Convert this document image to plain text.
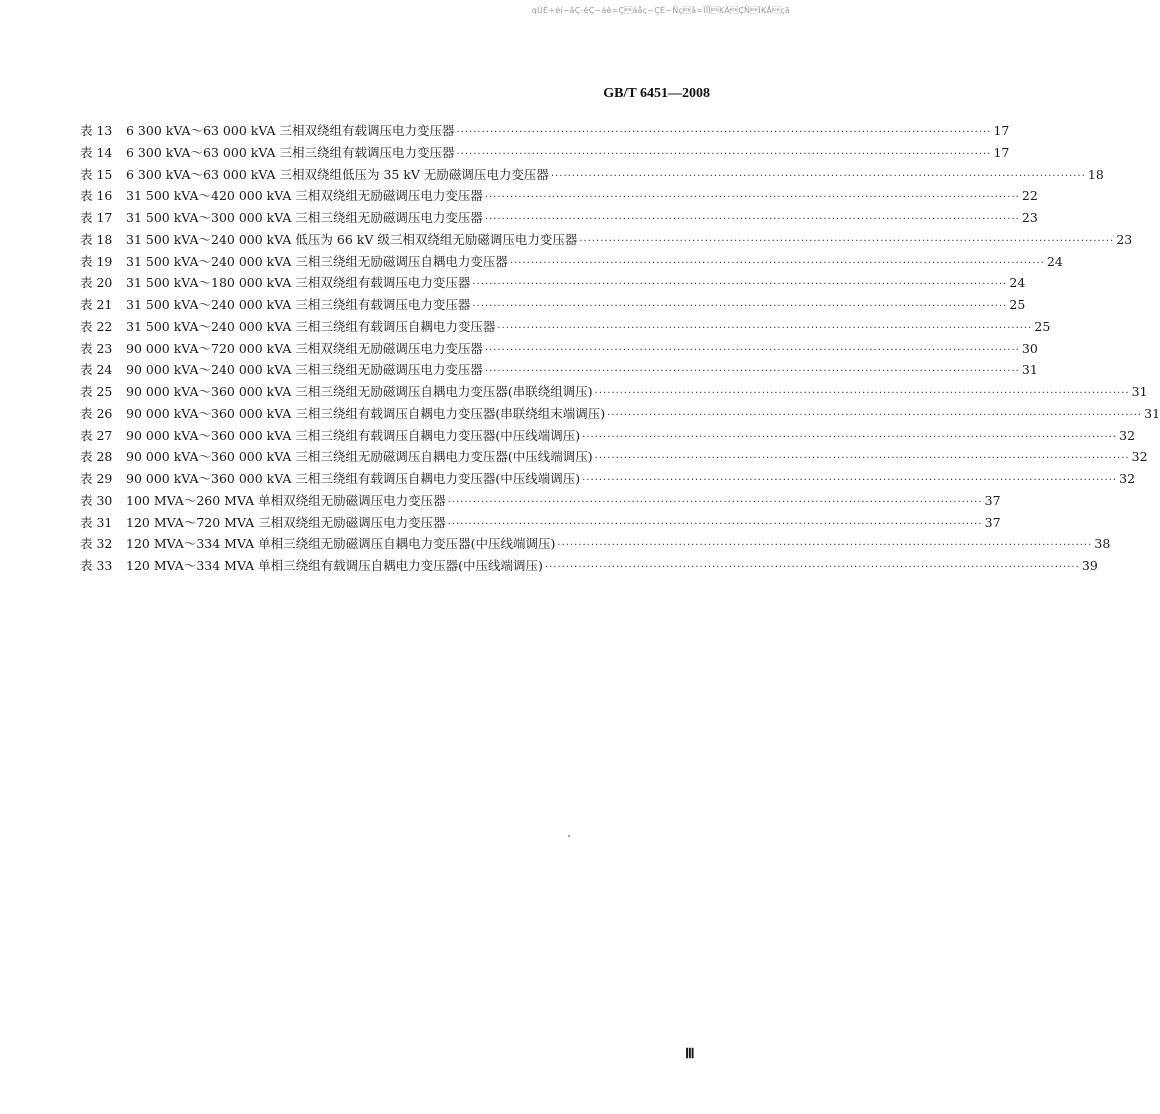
qÛÊ÷éí~âÇ-êÇ~áè=Çáåç~ÇÉ~Ñçâ=ÏÏÏKÄÇÑÏKÅçã
GB/T 6451—2008
表 13	6 300 kVA～63 000 kVA 三相双绕组有载调压电力变压器 ·····	17
表 14	6 300 kVA～63 000 kVA 三相三绕组有载调压电力变压器 ·····	17
表 15	6 300 kVA～63 000 kVA 三相双绕组低压为 35 kV 无励磁调压电力变压器 ·····	18
表 16	31 500 kVA～420 000 kVA 三相双绕组无励磁调压电力变压器 ·····	22
表 17	31 500 kVA～300 000 kVA 三相三绕组无励磁调压电力变压器 ·····	23
表 18	31 500 kVA～240 000 kVA 低压为 66 kV 级三相双绕组无励磁调压电力变压器 ·····	23
表 19	31 500 kVA～240 000 kVA 三相三绕组无励磁调压自耦电力变压器 ·····	24
表 20	31 500 kVA～180 000 kVA 三相双绕组有载调压电力变压器 ·····	24
表 21	31 500 kVA～240 000 kVA 三相三绕组有载调压电力变压器 ·····	25
表 22	31 500 kVA～240 000 kVA 三相三绕组有载调压自耦电力变压器 ·····	25
表 23	90 000 kVA～720 000 kVA 三相双绕组无励磁调压电力变压器 ·····	30
表 24	90 000 kVA～240 000 kVA 三相三绕组无励磁调压电力变压器 ·····	31
表 25	90 000 kVA～360 000 kVA 三相三绕组无励磁调压自耦电力变压器(串联绕组调压) ·····	31
表 26	90 000 kVA～360 000 kVA 三相三绕组有载调压自耦电力变压器(串联绕组末端调压) ·····	31
表 27	90 000 kVA～360 000 kVA 三相三绕组有载调压自耦电力变压器(中压线端调压) ·····	32
表 28	90 000 kVA～360 000 kVA 三相三绕组无励磁调压自耦电力变压器(中压线端调压) ·····	32
表 29	90 000 kVA～360 000 kVA 三相三绕组有载调压自耦电力变压器(中压线端调压) ·····	32
表 30	100 MVA～260 MVA 单相双绕组无励磁调压电力变压器 ·····	37
表 31	120 MVA～720 MVA 三相双绕组无励磁调压电力变压器 ·····	37
表 32	120 MVA～334 MVA 单相三绕组无励磁调压自耦电力变压器(中压线端调压) ·····	38
表 33	120 MVA～334 MVA 单相三绕组有载调压自耦电力变压器(中压线端调压) ·····	39
Ⅲ
